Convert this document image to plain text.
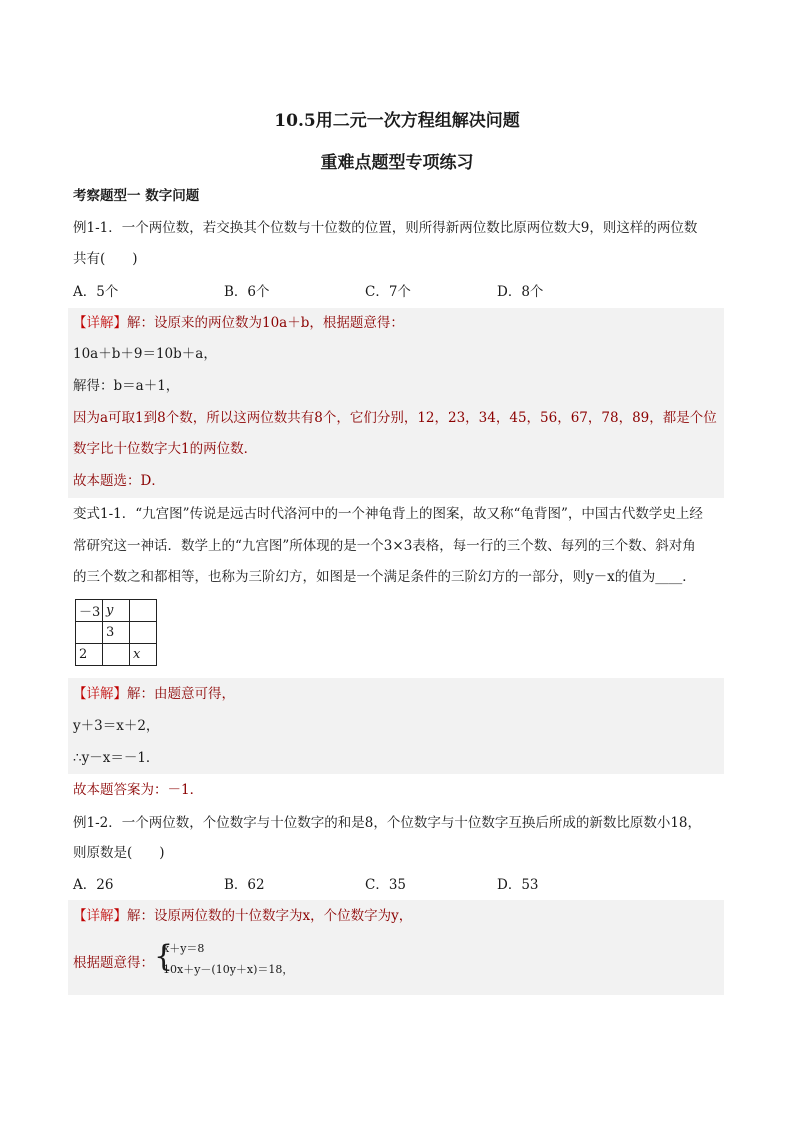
10.5用二元一次方程组解决问题
重难点题型专项练习
考察题型一 数字问题
例1-1．一个两位数，若交换其个位数与十位数的位置，则所得新两位数比原两位数大9，则这样的两位数
共有(　　)
A．5个	B．6个	C．7个	D．8个
【详解】解：设原来的两位数为10a＋b，根据题意得：
10a＋b＋9＝10b＋a，
解得：b＝a＋1，
因为a可取1到8个数，所以这两位数共有8个，它们分别，12，23，34，45，56，67，78，89，都是个位
数字比十位数字大1的两位数．
故本题选：D．
变式1-1．“九宫图”传说是远古时代洛河中的一个神龟背上的图案，故又称“龟背图”，中国古代数学史上经
常研究这一神话．数学上的“九宫图”所体现的是一个3×3表格，每一行的三个数、每列的三个数、斜对角
的三个数之和都相等，也称为三阶幻方，如图是一个满足条件的三阶幻方的一部分，则y－x的值为____．
－3	y	
	3	
2		x
【详解】解：由题意可得，
y＋3＝x＋2，
∴y－x＝－1．
故本题答案为：－1．
例1-2．一个两位数，个位数字与十位数字的和是8，个位数字与十位数字互换后所成的新数比原数小18，
则原数是(　　)
A．26	B．62	C．35	D．53
【详解】解：设原两位数的十位数字为x，个位数字为y，
根据题意得： {
x＋y＝8
10x＋y－(10y＋x)＝18，
